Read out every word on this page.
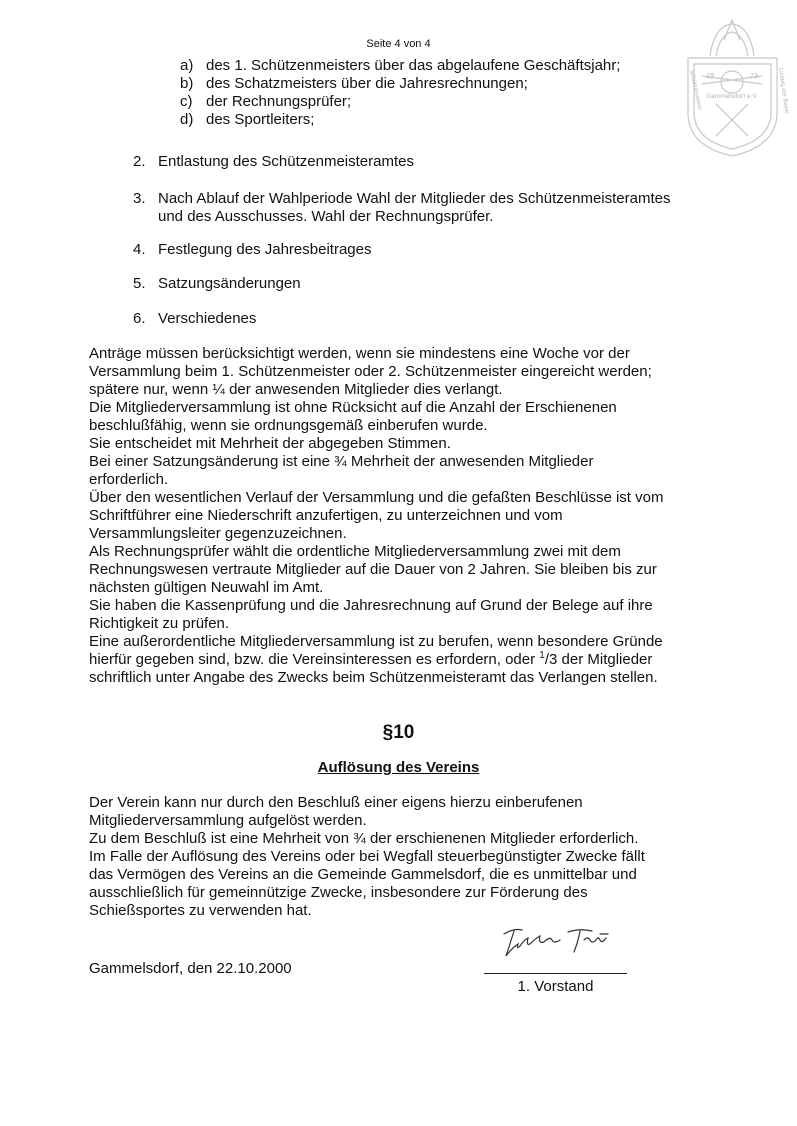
Seite 4 von 4
19	73
Gammelsdorf e.V.
Schützenverein	Ludwig der Bayer
a) des 1. Schützenmeisters über das abgelaufene Geschäftsjahr;
b) des Schatzmeisters über die Jahresrechnungen;
c) der Rechnungsprüfer;
d) des Sportleiters;
2. Entlastung des Schützenmeisteramtes
3. Nach Ablauf der Wahlperiode Wahl der Mitglieder des Schützenmeisteramtes
und des Ausschusses. Wahl der Rechnungsprüfer.
4. Festlegung des Jahresbeitrages
5. Satzungsänderungen
6. Verschiedenes
Anträge müssen berücksichtigt werden, wenn sie mindestens eine Woche vor der
Versammlung beim 1. Schützenmeister oder 2. Schützenmeister eingereicht werden;
spätere nur, wenn ¼ der anwesenden Mitglieder dies verlangt.
Die Mitgliederversammlung ist ohne Rücksicht auf die Anzahl der Erschienenen
beschlußfähig, wenn sie ordnungsgemäß einberufen wurde.
Sie entscheidet mit Mehrheit der abgegeben Stimmen.
Bei einer Satzungsänderung ist eine ¾ Mehrheit der anwesenden Mitglieder
erforderlich.
Über den wesentlichen Verlauf der Versammlung und die gefaßten Beschlüsse ist vom
Schriftführer eine Niederschrift anzufertigen, zu unterzeichnen und vom
Versammlungsleiter gegenzuzeichnen.
Als Rechnungsprüfer wählt die ordentliche Mitgliederversammlung zwei mit dem
Rechnungswesen vertraute Mitglieder auf die Dauer von 2 Jahren. Sie bleiben bis zur
nächsten gültigen Neuwahl im Amt.
Sie haben die Kassenprüfung und die Jahresrechnung auf Grund der Belege auf ihre
Richtigkeit zu prüfen.
Eine außerordentliche Mitgliederversammlung ist zu berufen, wenn besondere Gründe
hierfür gegeben sind, bzw. die Vereinsinteressen es erfordern, oder $^1$/3 der Mitglieder
schriftlich unter Angabe des Zwecks beim Schützenmeisteramt das Verlangen stellen.
§10
Auflösung des Vereins
Der Verein kann nur durch den Beschluß einer eigens hierzu einberufenen
Mitgliederversammlung aufgelöst werden.
Zu dem Beschluß ist eine Mehrheit von ¾ der erschienenen Mitglieder erforderlich.
Im Falle der Auflösung des Vereins oder bei Wegfall steuerbegünstigter Zwecke fällt
das Vermögen des Vereins an die Gemeinde Gammelsdorf, die es unmittelbar und
ausschließlich für gemeinnützige Zwecke, insbesondere zur Förderung des
Schießsportes zu verwenden hat.
Gammelsdorf, den 22.10.2000
1. Vorstand
